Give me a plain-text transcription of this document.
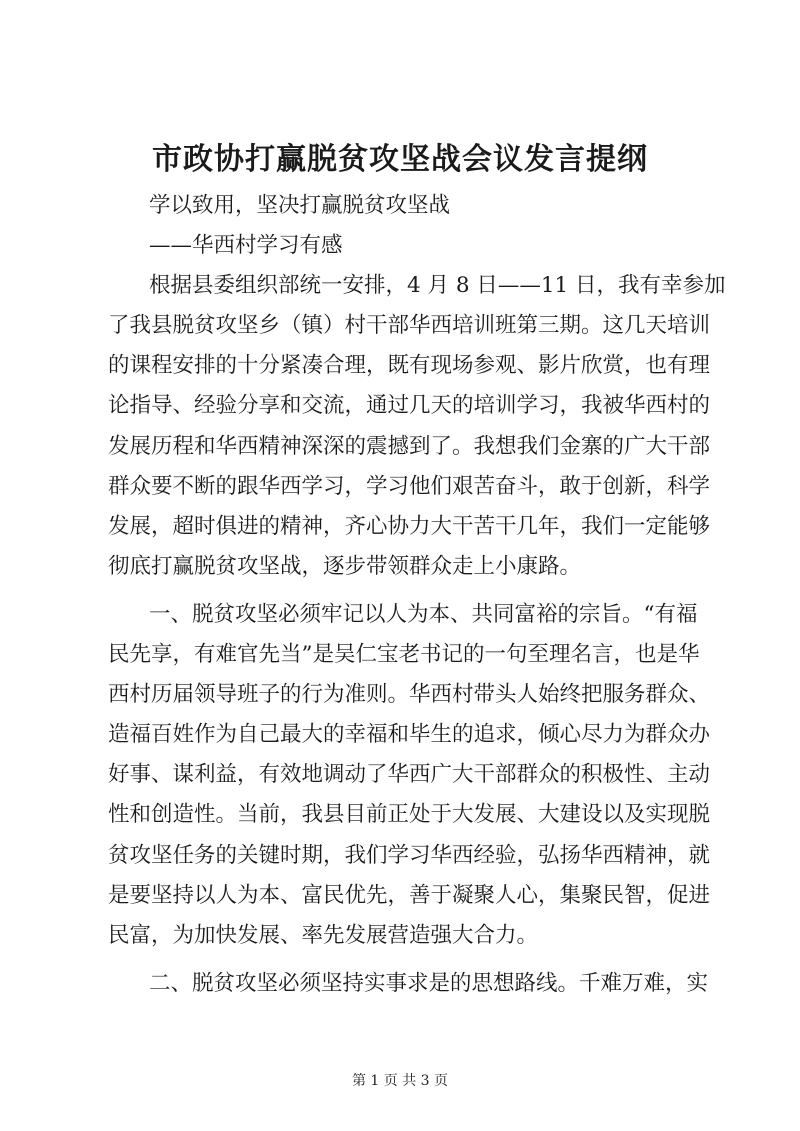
市政协打赢脱贫攻坚战会议发言提纲
学以致用，坚决打赢脱贫攻坚战
——华西村学习有感
根据县委组织部统一安排，4 月 8 日——11 日，我有幸参加
了我县脱贫攻坚乡（镇）村干部华西培训班第三期。这几天培训
的课程安排的十分紧凑合理，既有现场参观、影片欣赏，也有理
论指导、经验分享和交流，通过几天的培训学习，我被华西村的
发展历程和华西精神深深的震撼到了。我想我们金寨的广大干部
群众要不断的跟华西学习，学习他们艰苦奋斗，敢于创新，科学
发展，超时俱进的精神，齐心协力大干苦干几年，我们一定能够
彻底打赢脱贫攻坚战，逐步带领群众走上小康路。
一、脱贫攻坚必须牢记以人为本、共同富裕的宗旨。“有福
民先享，有难官先当”是吴仁宝老书记的一句至理名言，也是华
西村历届领导班子的行为准则。华西村带头人始终把服务群众、
造福百姓作为自己最大的幸福和毕生的追求，倾心尽力为群众办
好事、谋利益，有效地调动了华西广大干部群众的积极性、主动
性和创造性。当前，我县目前正处于大发展、大建设以及实现脱
贫攻坚任务的关键时期，我们学习华西经验，弘扬华西精神，就
是要坚持以人为本、富民优先，善于凝聚人心，集聚民智，促进
民富，为加快发展、率先发展营造强大合力。
二、脱贫攻坚必须坚持实事求是的思想路线。千难万难，实
第 1 页 共 3 页
